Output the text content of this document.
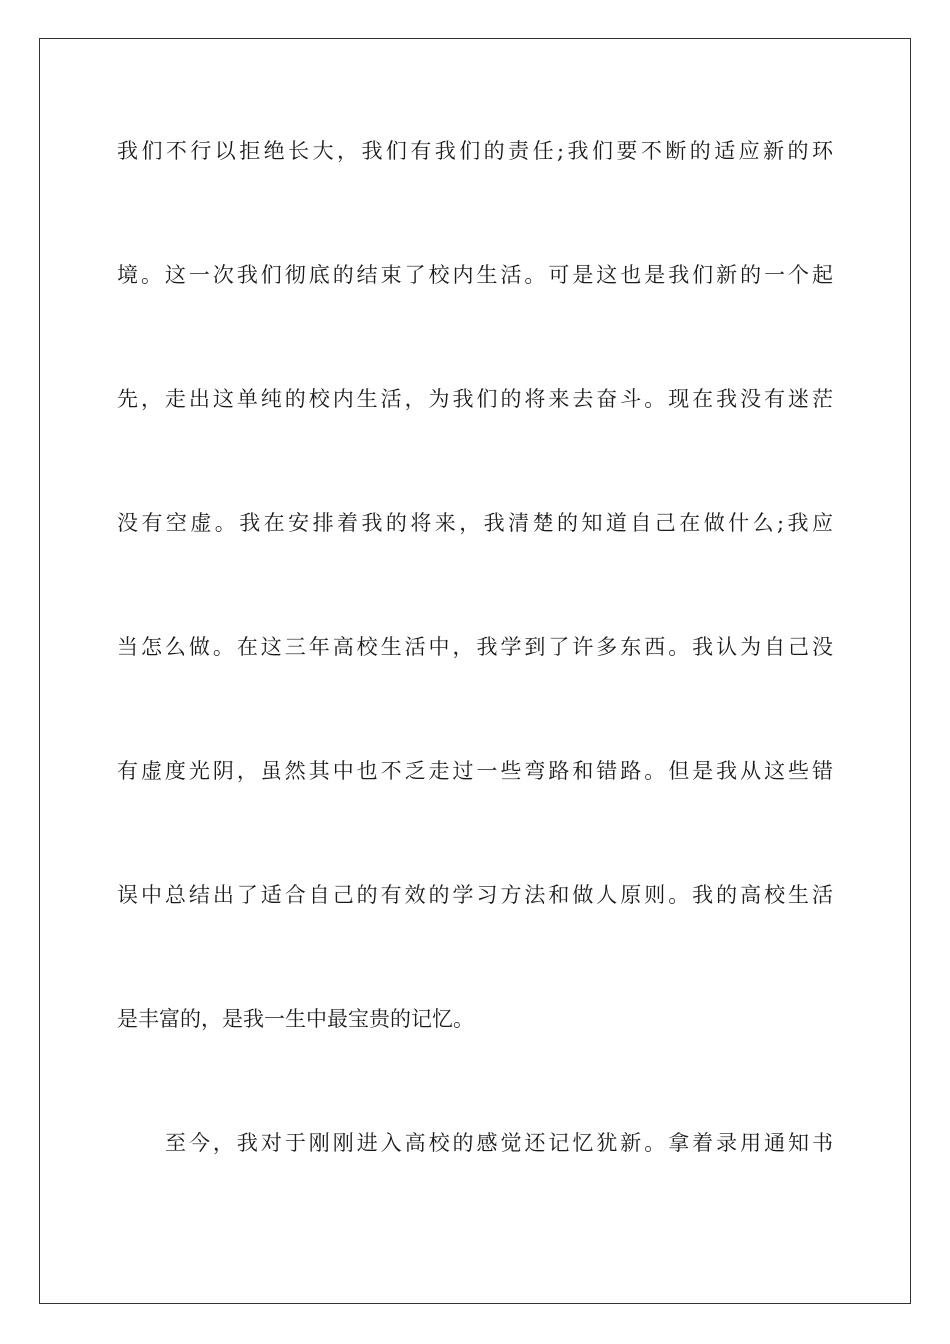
我们不行以拒绝长大，我们有我们的责任;我们要不断的适应新的环
境。这一次我们彻底的结束了校内生活。可是这也是我们新的一个起
先，走出这单纯的校内生活，为我们的将来去奋斗。现在我没有迷茫
没有空虚。我在安排着我的将来，我清楚的知道自己在做什么;我应
当怎么做。在这三年高校生活中，我学到了许多东西。我认为自己没
有虚度光阴，虽然其中也不乏走过一些弯路和错路。但是我从这些错
误中总结出了适合自己的有效的学习方法和做人原则。我的高校生活
是丰富的，是我一生中最宝贵的记忆。
至今，我对于刚刚进入高校的感觉还记忆犹新。拿着录用通知书
